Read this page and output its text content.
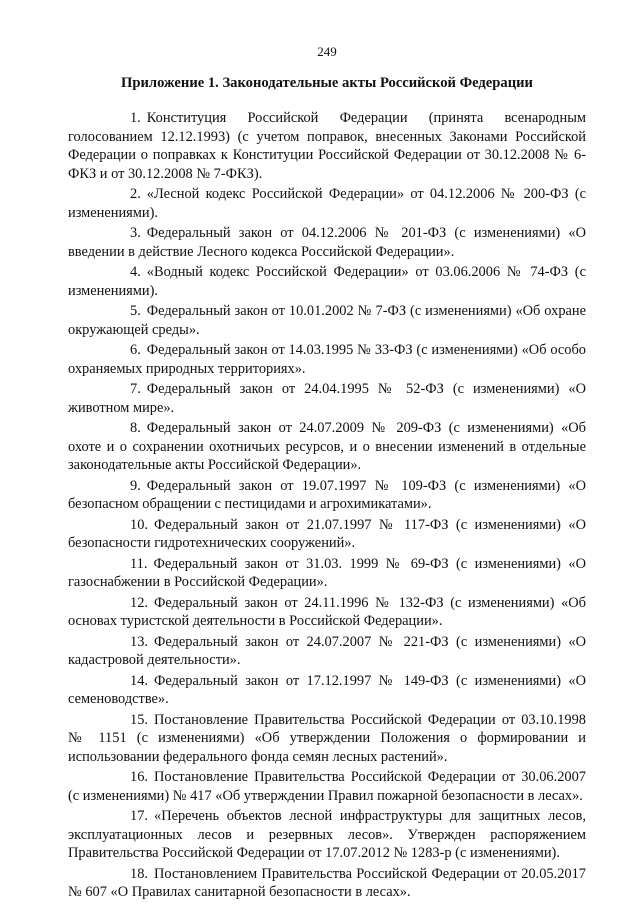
249
Приложение 1. Законодательные акты Российской Федерации

1. Конституция Российской Федерации (принята всенародным голосованием 12.12.1993) (с учетом поправок, внесенных Законами Российской Федерации о поправках к Конституции Российской Федерации от 30.12.2008 № 6-ФКЗ и от 30.12.2008 № 7-ФКЗ).

2. «Лесной кодекс Российской Федерации» от 04.12.2006 № 200-ФЗ (с изменениями).

3. Федеральный закон от 04.12.2006 № 201-ФЗ (с изменениями) «О введении в действие Лесного кодекса Российской Федерации».

4. «Водный кодекс Российской Федерации» от 03.06.2006 № 74-ФЗ (с изменениями).

5. Федеральный закон от 10.01.2002 № 7-ФЗ (с изменениями) «Об охране окружающей среды».

6. Федеральный закон от 14.03.1995 № 33-ФЗ (с изменениями) «Об особо охраняемых природных территориях».

7. Федеральный закон от 24.04.1995 № 52-ФЗ (с изменениями) «О животном мире».

8. Федеральный закон от 24.07.2009 № 209-ФЗ (с изменениями) «Об охоте и о сохранении охотничьих ресурсов, и о внесении изменений в отдельные законодательные акты Российской Федерации».

9. Федеральный закон от 19.07.1997 № 109-ФЗ (с изменениями) «О безопасном обращении с пестицидами и агрохимикатами».

10. Федеральный закон от 21.07.1997 № 117-ФЗ (с изменениями) «О безопасности гидротехнических сооружений».

11. Федеральный закон от 31.03. 1999 № 69-ФЗ (с изменениями) «О газоснабжении в Российской Федерации».

12. Федеральный закон от 24.11.1996 № 132-ФЗ (с изменениями) «Об основах туристской деятельности в Российской Федерации».

13. Федеральный закон от 24.07.2007 № 221-ФЗ (с изменениями) «О кадастровой деятельности».

14. Федеральный закон от 17.12.1997 № 149-ФЗ (с изменениями) «О семеноводстве».

15. Постановление Правительства Российской Федерации от 03.10.1998 № 1151 (с изменениями) «Об утверждении Положения о формировании и использовании федерального фонда семян лесных растений».

16. Постановление Правительства Российской Федерации от 30.06.2007 (с изменениями) № 417 «Об утверждении Правил пожарной безопасности в лесах».

17. «Перечень объектов лесной инфраструктуры для защитных лесов, эксплуатационных лесов и резервных лесов». Утвержден распоряжением Правительства Российской Федерации от 17.07.2012 № 1283-р (с изменениями).

18. Постановлением Правительства Российской Федерации от 20.05.2017 № 607 «О Правилах санитарной безопасности в лесах».
